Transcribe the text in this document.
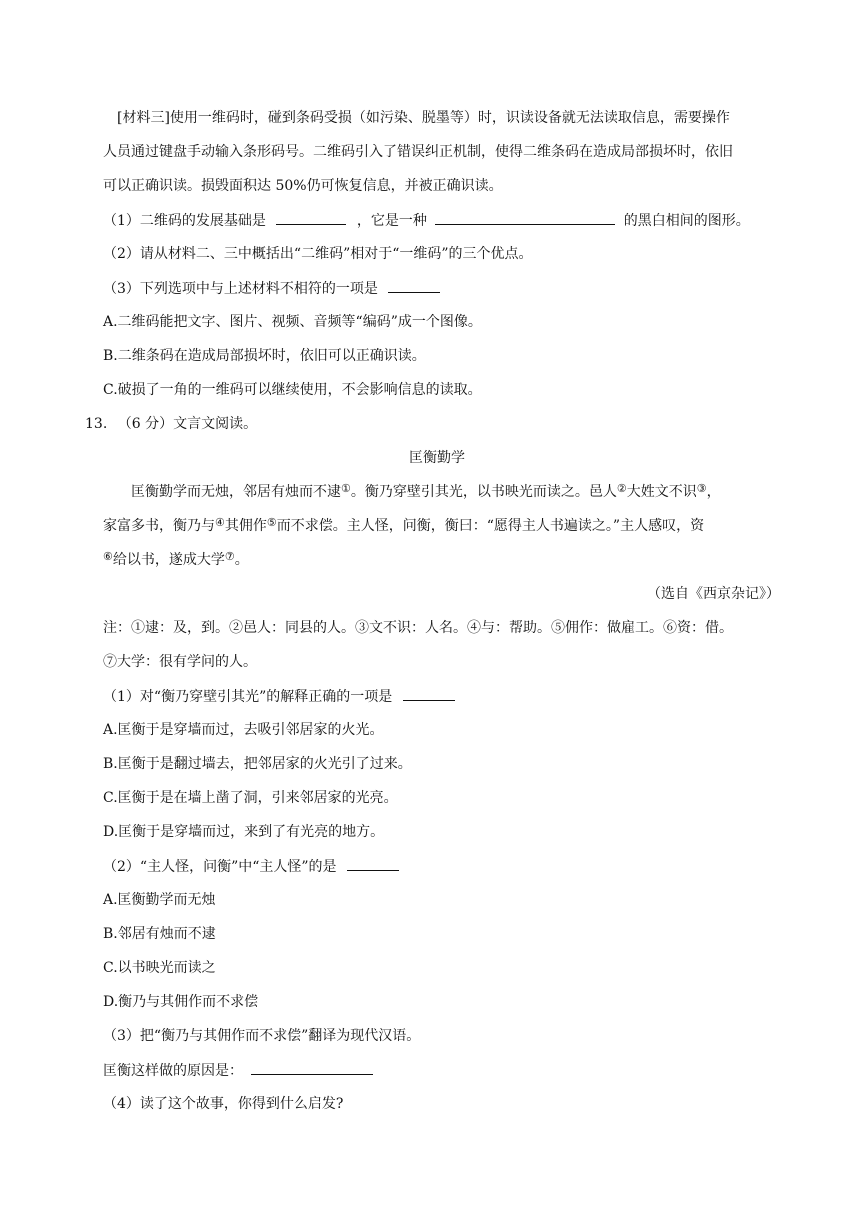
[材料三]使用一维码时，碰到条码受损（如污染、脱墨等）时，识读设备就无法读取信息，需要操作
人员通过键盘手动输入条形码号。二维码引入了错误纠正机制，使得二维条码在造成局部损坏时，依旧
可以正确识读。损毁面积达 50%仍可恢复信息，并被正确识读。
（1）二维码的发展基础是	，它是一种	的黑白相间的图形。
（2）请从材料二、三中概括出“二维码”相对于“一维码”的三个优点。
（3）下列选项中与上述材料不相符的一项是
A.二维码能把文字、图片、视频、音频等“编码”成一个图像。
B.二维条码在造成局部损坏时，依旧可以正确识读。
C.破损了一角的一维码可以继续使用，不会影响信息的读取。
13. （6 分）文言文阅读。
匡衡勤学
匡衡勤学而无烛，邻居有烛而不逮①。衡乃穿壁引其光，以书映光而读之。邑人②大姓文不识③，
家富多书，衡乃与④其佣作⑤而不求偿。主人怪，问衡，衡曰：“愿得主人书遍读之。”主人感叹，资
⑥给以书，遂成大学⑦。
（选自《西京杂记》）
注：①逮：及，到。②邑人：同县的人。③文不识：人名。④与：帮助。⑤佣作：做雇工。⑥资：借。
⑦大学：很有学问的人。
（1）对“衡乃穿壁引其光”的解释正确的一项是
A.匡衡于是穿墙而过，去吸引邻居家的火光。
B.匡衡于是翻过墙去，把邻居家的火光引了过来。
C.匡衡于是在墙上凿了洞，引来邻居家的光亮。
D.匡衡于是穿墙而过，来到了有光亮的地方。
（2）“主人怪，问衡”中“主人怪”的是
A.匡衡勤学而无烛
B.邻居有烛而不逮
C.以书映光而读之
D.衡乃与其佣作而不求偿
（3）把“衡乃与其佣作而不求偿”翻译为现代汉语。
匡衡这样做的原因是：
（4）读了这个故事，你得到什么启发?
